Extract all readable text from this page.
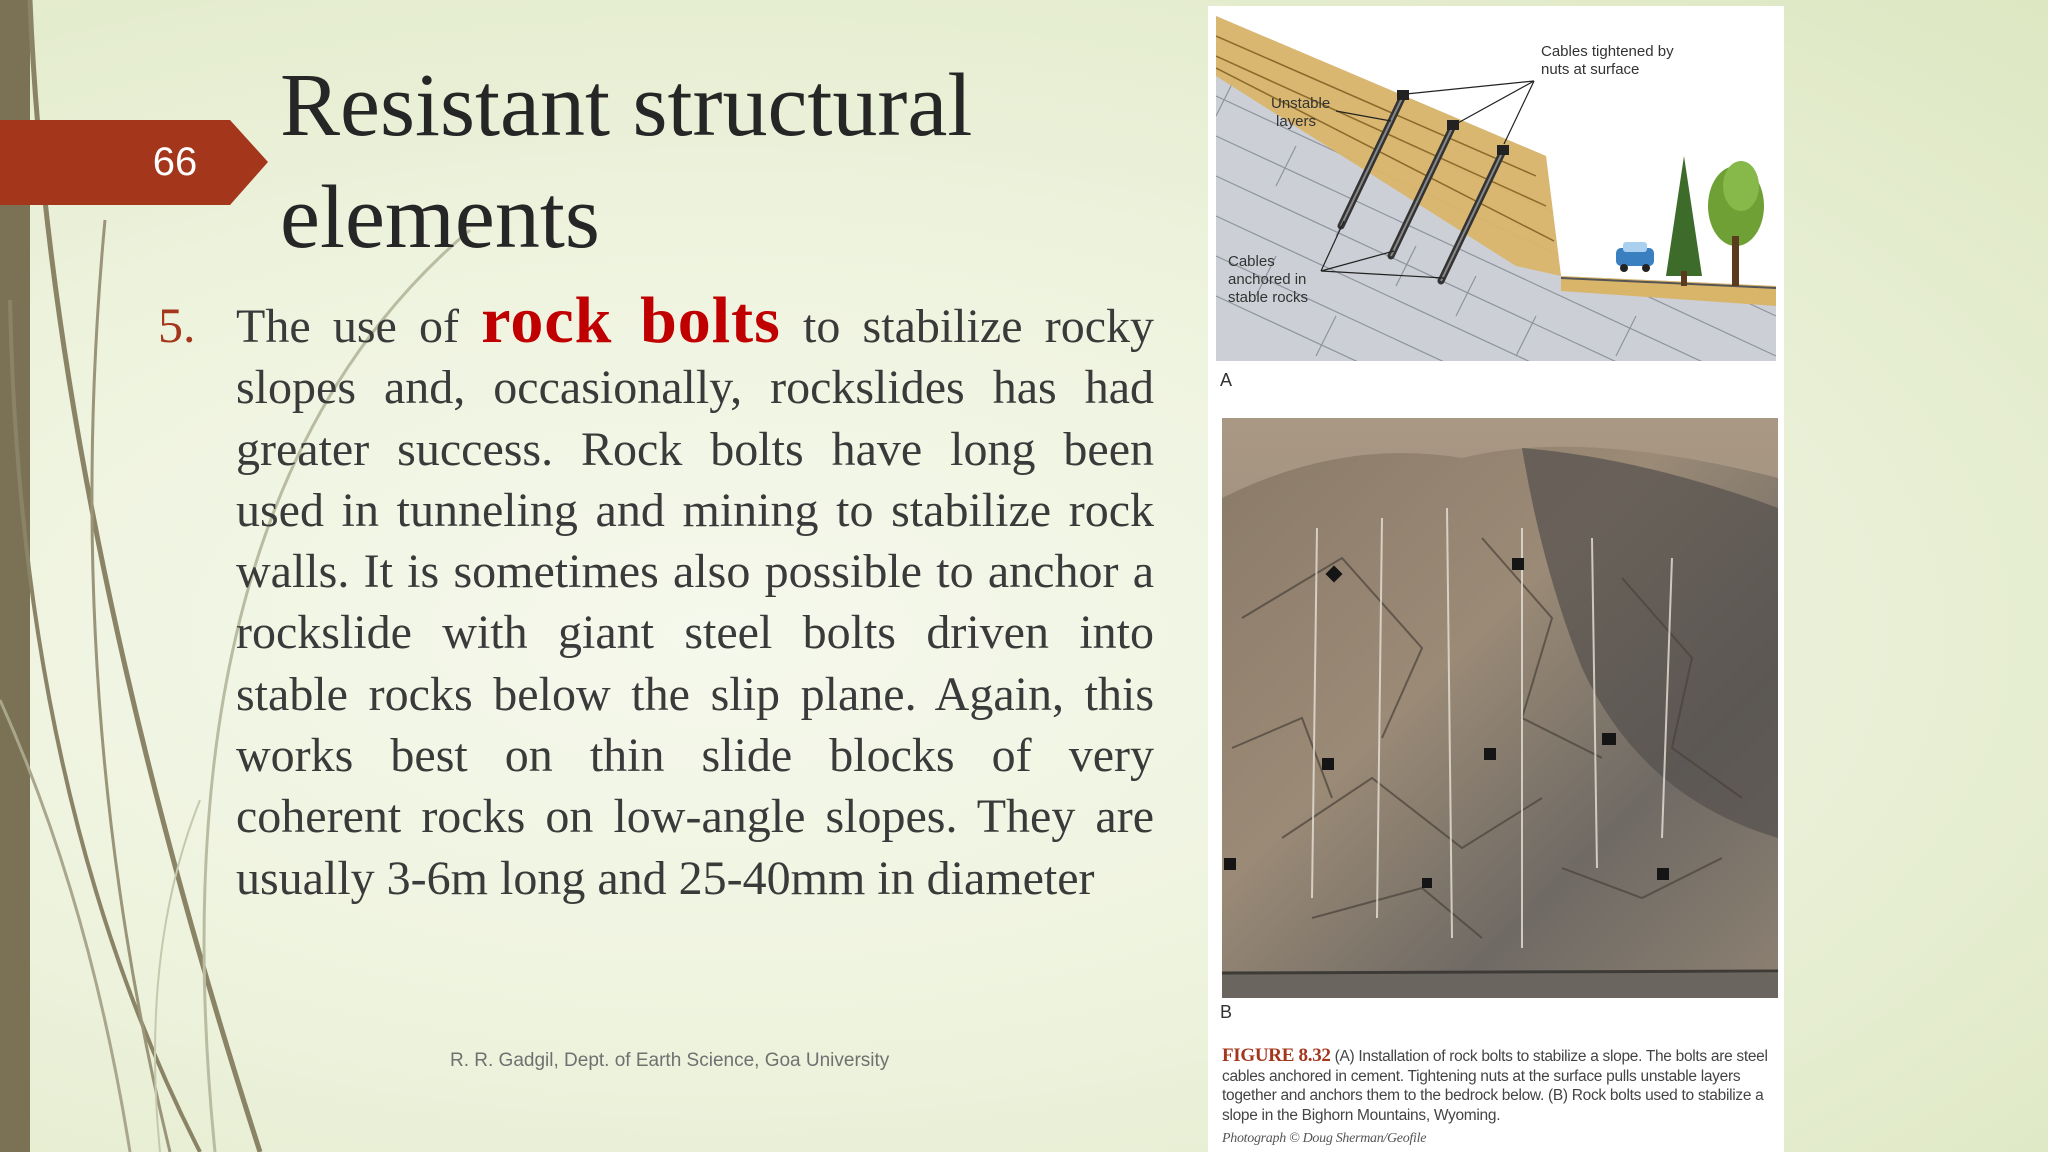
66
Resistant structural elements
5. The use of rock bolts to stabilize rocky slopes and, occasionally, rockslides has had greater success. Rock bolts have long been used in tunneling and mining to stabilize rock walls. It is sometimes also possible to anchor a rockslide with giant steel bolts driven into stable rocks below the slip plane. Again, this works best on thin slide blocks of very coherent rocks on low-angle slopes. They are usually 3-6m long and 25-40mm in diameter
R. R. Gadgil, Dept. of Earth Science, Goa University
Cables tightened by
nuts at surface
Unstable
layers
Cables
anchored in
stable rocks
A
B
FIGURE 8.32 (A) Installation of rock bolts to stabilize a slope. The bolts are steel cables anchored in cement. Tightening nuts at the surface pulls unstable layers together and anchors them to the bedrock below. (B) Rock bolts used to stabilize a slope in the Bighorn Mountains, Wyoming.
Photograph © Doug Sherman/Geofile
